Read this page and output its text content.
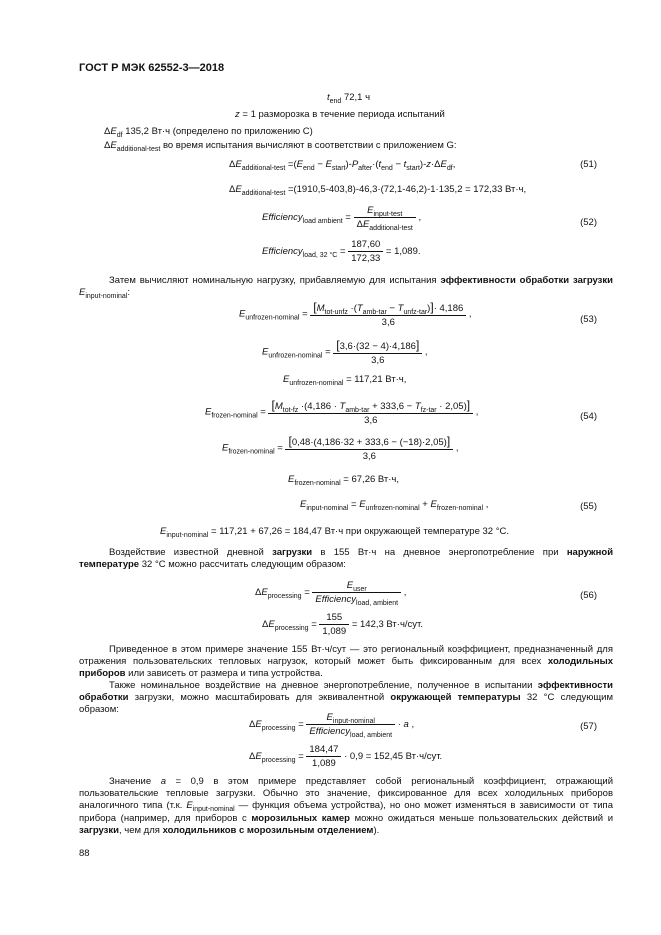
ГОСТ Р МЭК 62552-3—2018
$t_{end}$ 72,1 ч
z = 1 разморозка в течение периода испытаний
$\Delta E_{df}$ 135,2 Вт·ч (определено по приложению С)
$\Delta E_{additional-test}$ во время испытания вычисляют в соответствии с приложением G:
$\Delta E_{additional-test} =(E_{end} - E_{start})-P_{after}\cdot(t_{end} - t_{start})-z\cdot\Delta E_{df}$,	(51)
$\Delta E_{additional-test} =(1910,5-403,8)-46,3\cdot(72,1-46,2)-1\cdot 135,2 = 172,33$ Вт·ч,
Efficiency$_{load ambient}$ = $\frac{E_{input-test}}{\Delta E_{additional-test}}$ ,	(52)
Efficiency$_{load, 32 ^\circ C}$ = $\frac{187,60}{172,33} = 1,089$.
Затем вычисляют номинальную нагрузку, прибавляемую для испытания эффективности обработки загрузки $E_{input-nominal}$:
$E_{unfrozen-nominal} = \frac{[M_{tot-unfz} \cdot(T_{amb-tar} - T_{unfz-tar})]\cdot 4,186}{3,6}$ ,	(53)
$E_{unfrozen-nominal} = \frac{[3,6\cdot(32 - 4)\cdot 4,186]}{3,6}$ ,
$E_{unfrozen-nominal} = 117,21$ Вт·ч,
$E_{frozen-nominal} = \frac{[M_{tot-fz} \cdot(4,186 \cdot T_{amb-tar} + 333,6 - T_{fz-tar} \cdot 2,05)]}{3,6}$ ,	(54)
$E_{frozen-nominal} = \frac{[0,48\cdot(4,186\cdot 32 + 333,6 - (-18)\cdot 2,05)]}{3,6}$ ,
$E_{frozen-nominal} = 67,26$ Вт·ч,
$E_{input-nominal} = E_{unfrozen-nominal} + E_{frozen-nominal}$ ,	(55)
$E_{input-nominal} = 117,21 + 67,26 = 184,47$ Вт·ч при окружающей температуре 32 °С.
Воздействие известной дневной загрузки в 155 Вт·ч на дневное энергопотребление при наружной температуре 32 °С можно рассчитать следующим образом:
$\Delta E_{processing} = \frac{E_{user}}{Efficiency_{load, ambient}}$ ,	(56)
$\Delta E_{processing} = \frac{155}{1,089} = 142,3$ Вт·ч/сут.
Приведенное в этом примере значение 155 Вт·ч/сут — это региональный коэффициент, предназначенный для отражения пользовательских тепловых нагрузок, который может быть фиксированным для всех холодильных приборов или зависеть от размера и типа устройства.
Также номинальное воздействие на дневное энергопотребление, полученное в испытании эффективности обработки загрузки, можно масштабировать для эквивалентной окружающей температуры 32 °С следующим образом:
$\Delta E_{processing} = \frac{E_{input-nominal}}{Efficiency_{load, ambient}} \cdot a$ ,	(57)
$\Delta E_{processing} = \frac{184,47}{1,089} \cdot 0,9 = 152,45$ Вт·ч/сут.
Значение a = 0,9 в этом примере представляет собой региональный коэффициент, отражающий пользовательские тепловые загрузки. Обычно это значение, фиксированное для всех холодильных приборов аналогичного типа (т.к. $E_{input-nominal}$ — функция объема устройства), но оно может изменяться в зависимости от типа прибора (например, для приборов с морозильных камер можно ожидаться меньше пользовательских действий и загрузки, чем для холодильников с морозильным отделением).
88
